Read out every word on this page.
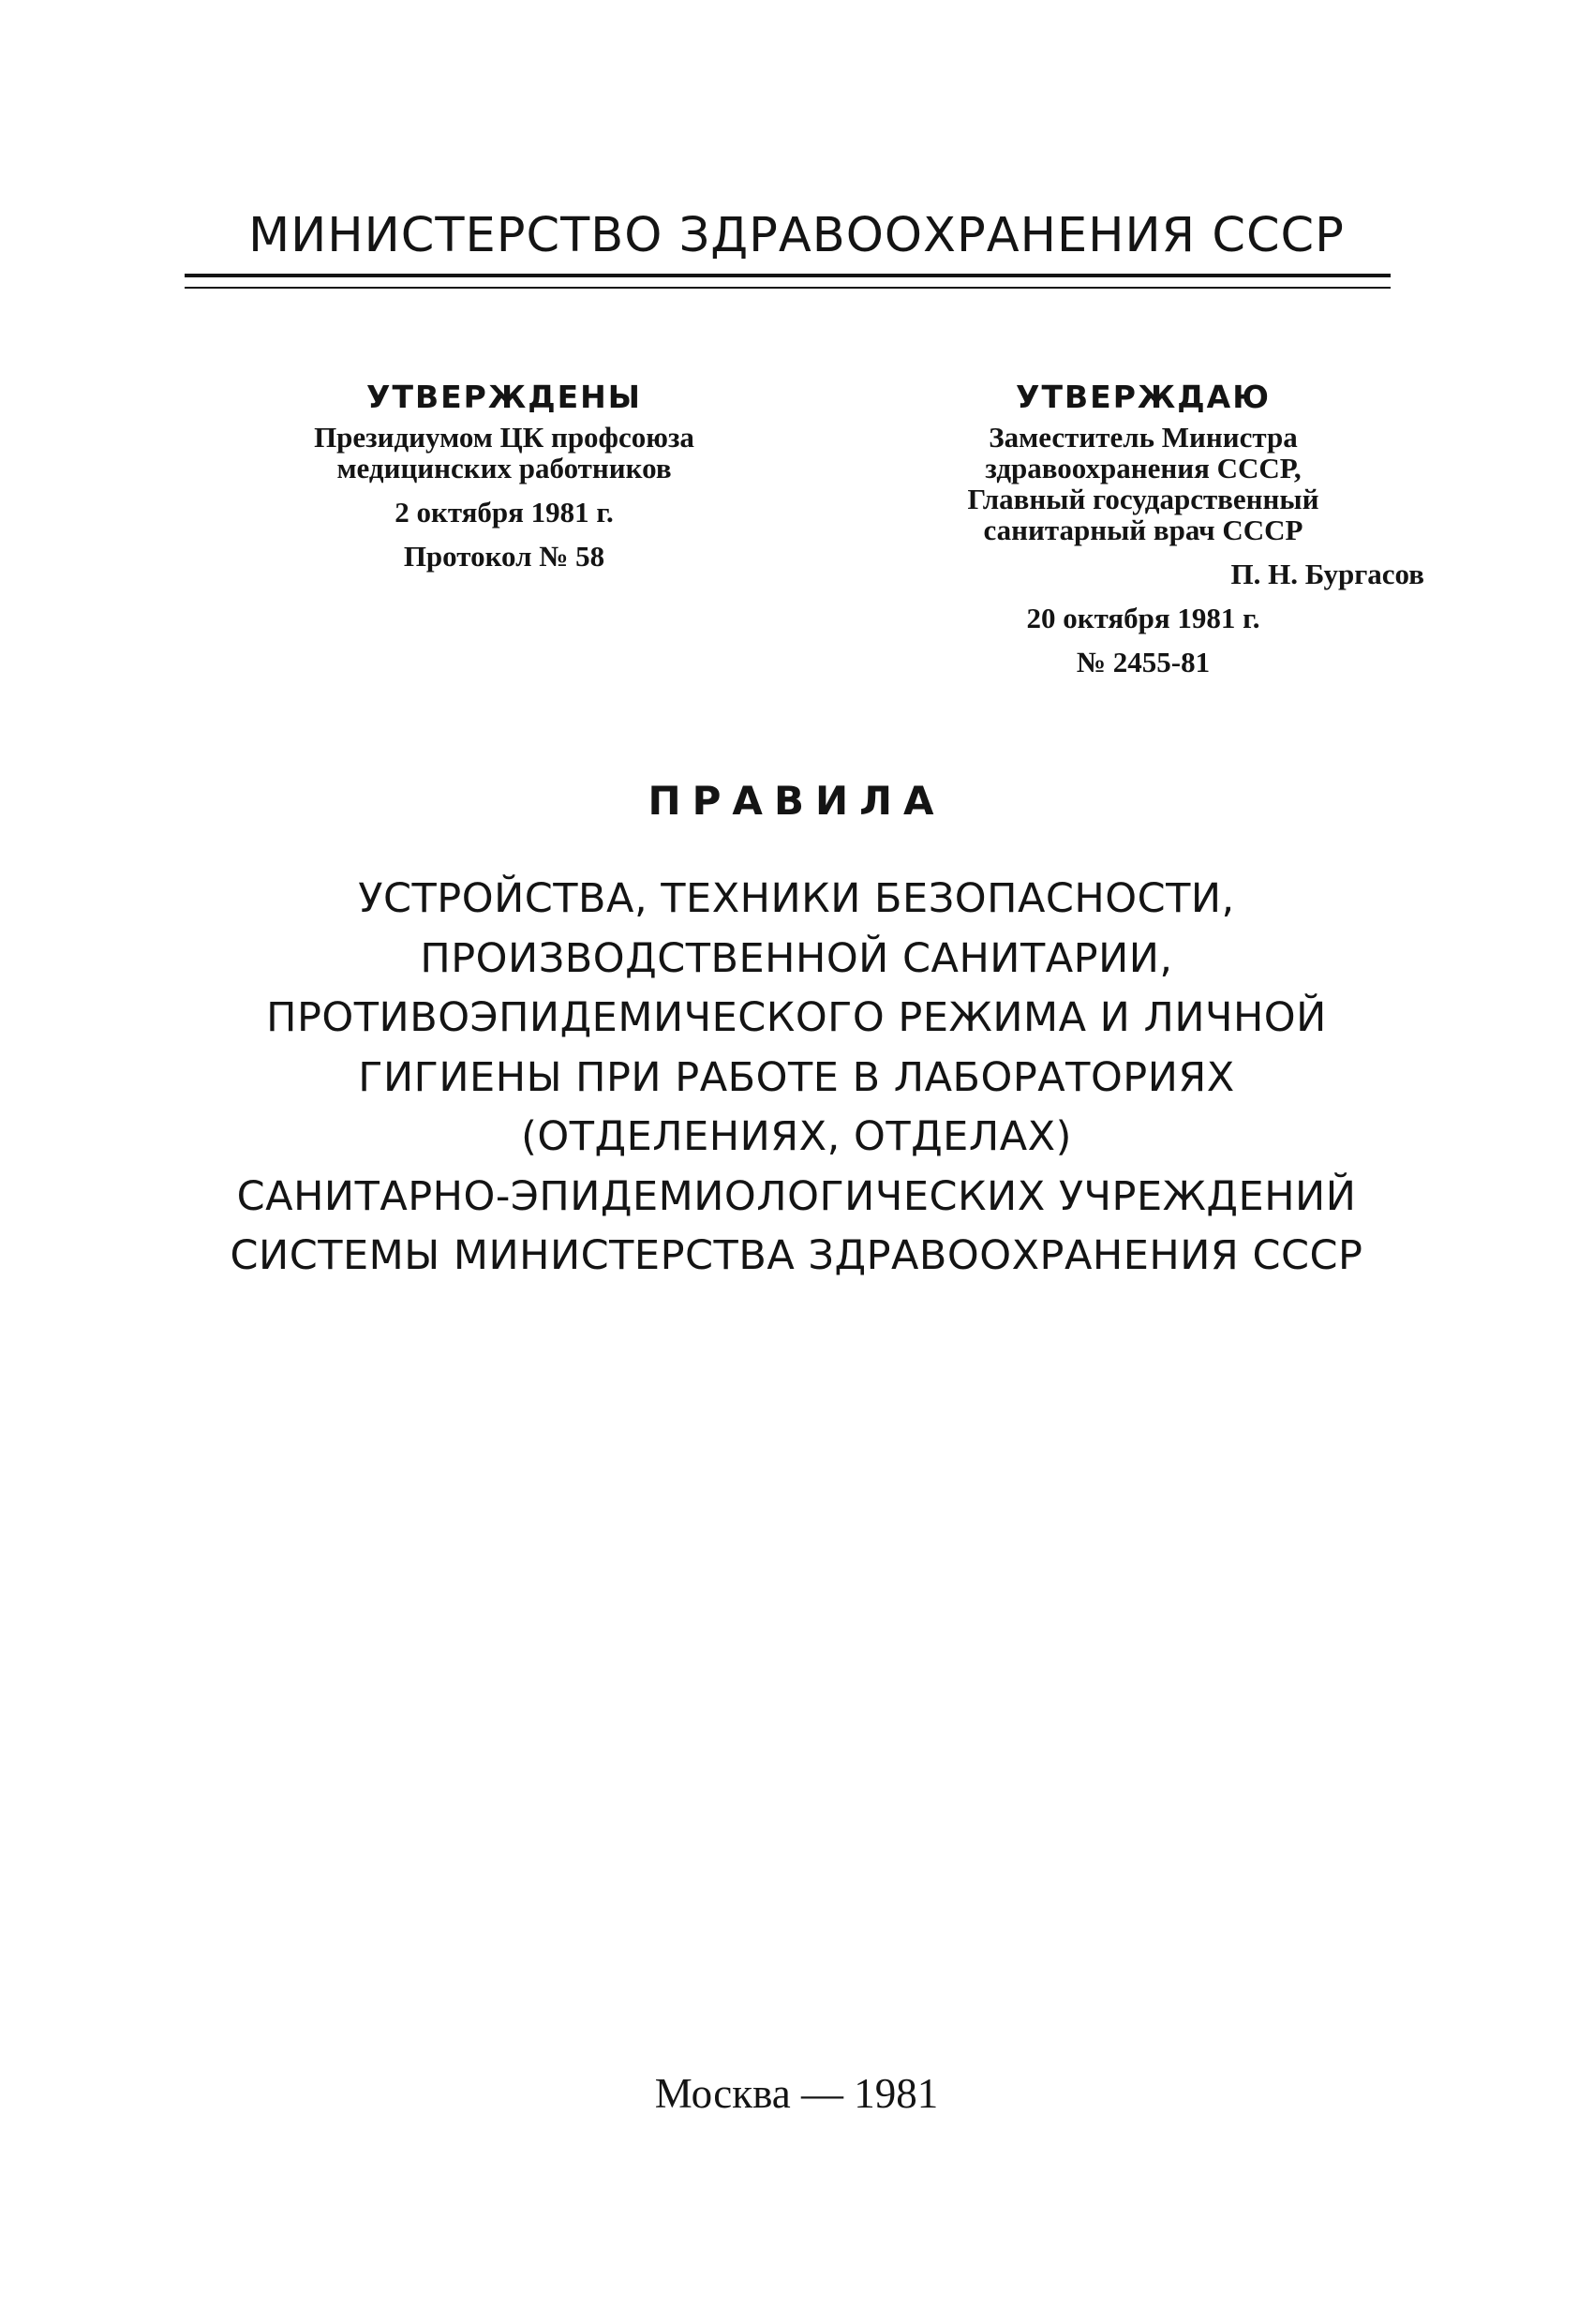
МИНИСТЕРСТВО ЗДРАВООХРАНЕНИЯ СССР
УТВЕРЖДЕНЫ
Президиумом ЦК профсоюза
медицинских работников
2 октября 1981 г.
Протокол № 58
УТВЕРЖДАЮ
Заместитель Министра
здравоохранения СССР,
Главный государственный
санитарный врач СССР
П. Н. Бургасов
20 октября 1981 г.
№ 2455-81
ПРАВИЛА
УСТРОЙСТВА, ТЕХНИКИ БЕЗОПАСНОСТИ,
ПРОИЗВОДСТВЕННОЙ САНИТАРИИ,
ПРОТИВОЭПИДЕМИЧЕСКОГО РЕЖИМА И ЛИЧНОЙ
ГИГИЕНЫ ПРИ РАБОТЕ В ЛАБОРАТОРИЯХ
(ОТДЕЛЕНИЯХ, ОТДЕЛАХ)
САНИТАРНО-ЭПИДЕМИОЛОГИЧЕСКИХ УЧРЕЖДЕНИЙ
СИСТЕМЫ МИНИСТЕРСТВА ЗДРАВООХРАНЕНИЯ СССР
Москва — 1981
